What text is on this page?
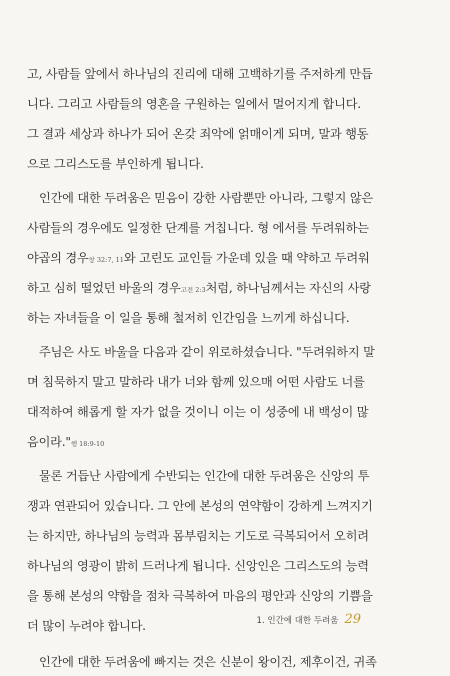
고, 사람들 앞에서 하나님의 진리에 대해 고백하기를 주저하게 만듭
니다. 그리고 사람들의 영혼을 구원하는 일에서 멀어지게 합니다.
그 결과 세상과 하나가 되어 온갖 죄악에 얽매이게 되며, 말과 행동
으로 그리스도를 부인하게 됩니다.
인간에 대한 두려움은 믿음이 강한 사람뿐만 아니라, 그렇지 않은
사람들의 경우에도 일정한 단계를 거칩니다. 형 에서를 두려워하는
야곱의 경우창 32:7, 11와 고린도 교인들 가운데 있을 때 약하고 두려워
하고 심히 떨었던 바울의 경우고전 2:3처럼, 하나님께서는 자신의 사랑
하는 자녀들을 이 일을 통해 철저히 인간임을 느끼게 하십니다.
주님은 사도 바울을 다음과 같이 위로하셨습니다. "두려워하지 말
며 침묵하지 말고 말하라 내가 너와 함께 있으매 어떤 사람도 너를
대적하여 해롭게 할 자가 없을 것이니 이는 이 성중에 내 백성이 많
음이라."행 18:9-10
물론 거듭난 사람에게 수반되는 인간에 대한 두려움은 신앙의 투
쟁과 연관되어 있습니다. 그 안에 본성의 연약함이 강하게 느껴지기
는 하지만, 하나님의 능력과 몸부림치는 기도로 극복되어서 오히려
하나님의 영광이 밝히 드러나게 됩니다. 신앙인은 그리스도의 능력
을 통해 본성의 약함을 점차 극복하여 마음의 평안과 신앙의 기쁨을
더 많이 누려야 합니다.
인간에 대한 두려움에 빠지는 것은 신분이 왕이건, 제후이건, 귀족
1. 인간에 대한 두려움 29
